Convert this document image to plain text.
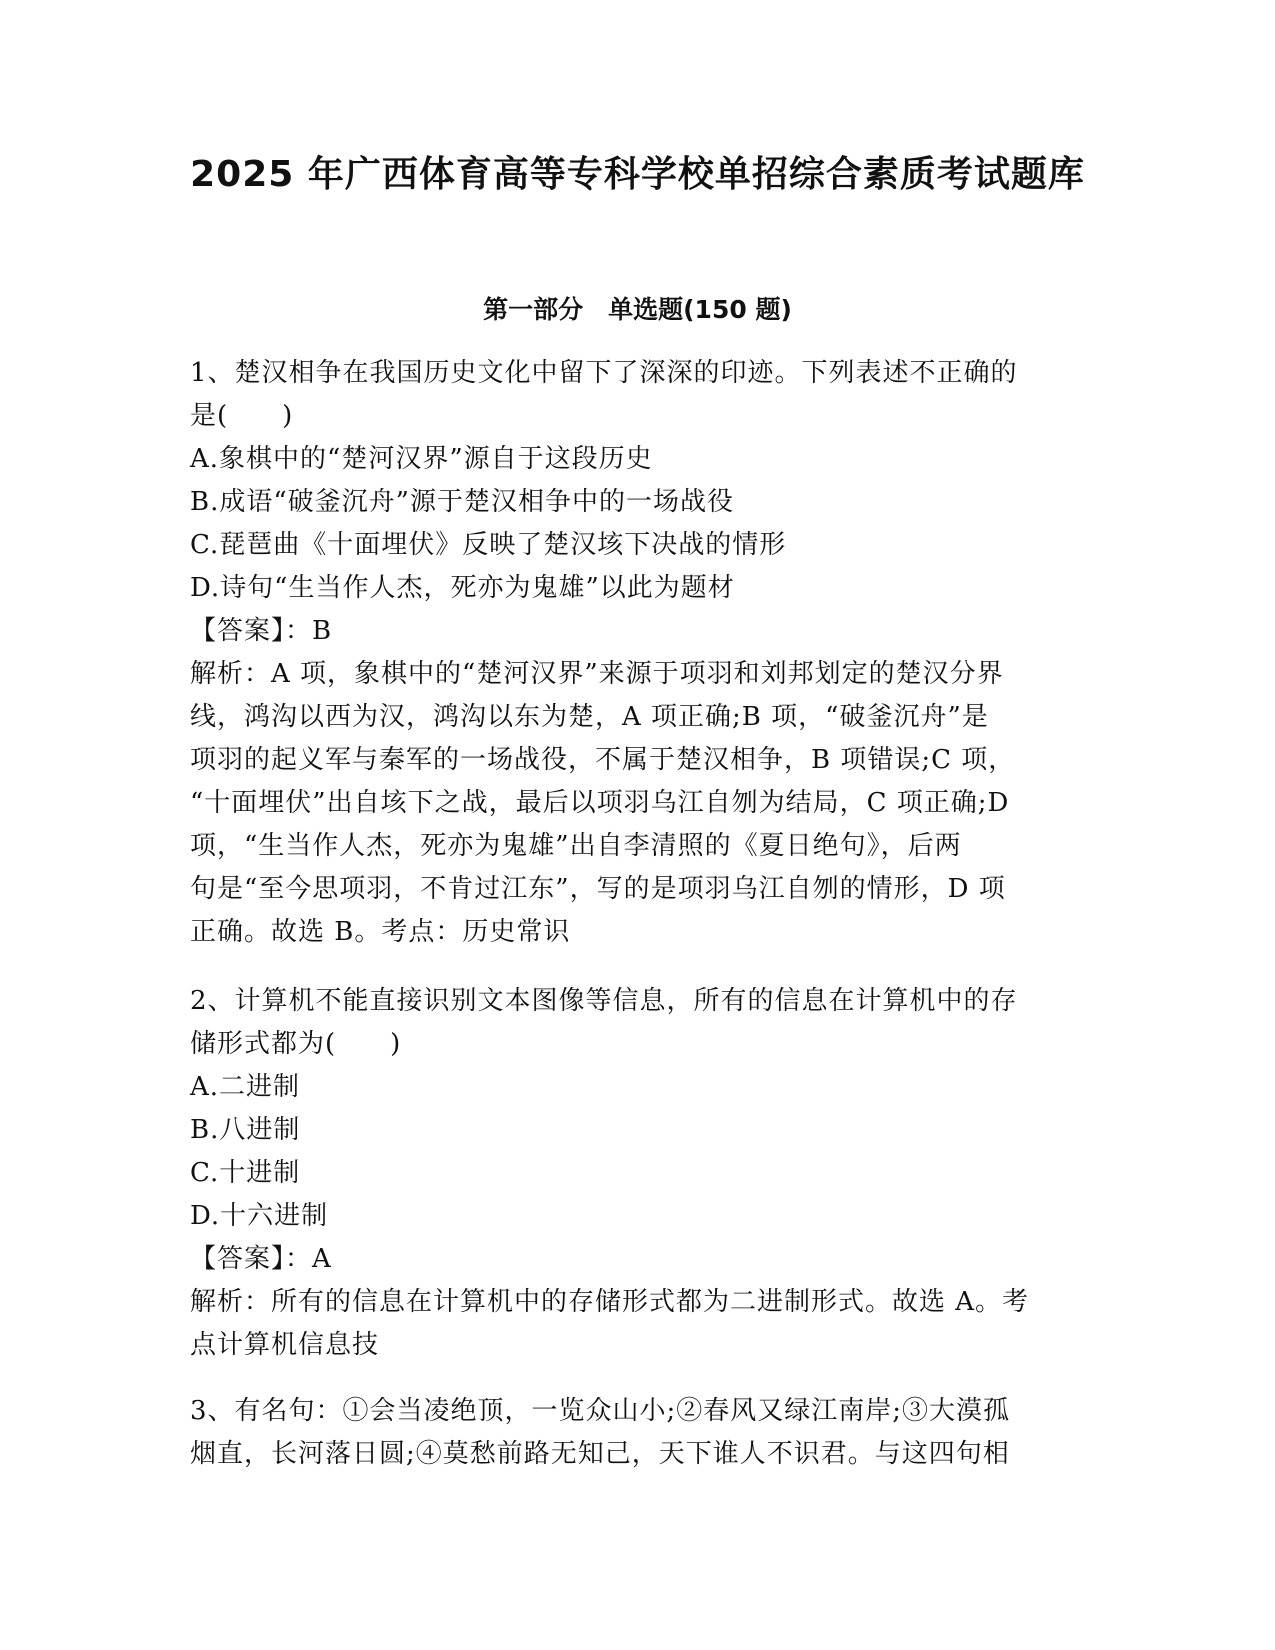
2025 年广西体育高等专科学校单招综合素质考试题库
第一部分　单选题(150 题)
1、楚汉相争在我国历史文化中留下了深深的印迹。下列表述不正确的
是(　　)
A.象棋中的“楚河汉界”源自于这段历史
B.成语“破釜沉舟”源于楚汉相争中的一场战役
C.琵琶曲《十面埋伏》反映了楚汉垓下决战的情形
D.诗句“生当作人杰，死亦为鬼雄”以此为题材
【答案】：B
解析：A 项，象棋中的“楚河汉界”来源于项羽和刘邦划定的楚汉分界
线，鸿沟以西为汉，鸿沟以东为楚，A 项正确;B 项，“破釜沉舟”是
项羽的起义军与秦军的一场战役，不属于楚汉相争，B 项错误;C 项，
“十面埋伏”出自垓下之战，最后以项羽乌江自刎为结局，C 项正确;D
项，“生当作人杰，死亦为鬼雄”出自李清照的《夏日绝句》，后两
句是“至今思项羽，不肯过江东”，写的是项羽乌江自刎的情形，D 项
正确。故选 B。考点：历史常识
2、计算机不能直接识别文本图像等信息，所有的信息在计算机中的存
储形式都为(　　)
A.二进制
B.八进制
C.十进制
D.十六进制
【答案】：A
解析：所有的信息在计算机中的存储形式都为二进制形式。故选 A。考
点计算机信息技
3、有名句：①会当凌绝顶，一览众山小;②春风又绿江南岸;③大漠孤
烟直，长河落日圆;④莫愁前路无知己，天下谁人不识君。与这四句相
